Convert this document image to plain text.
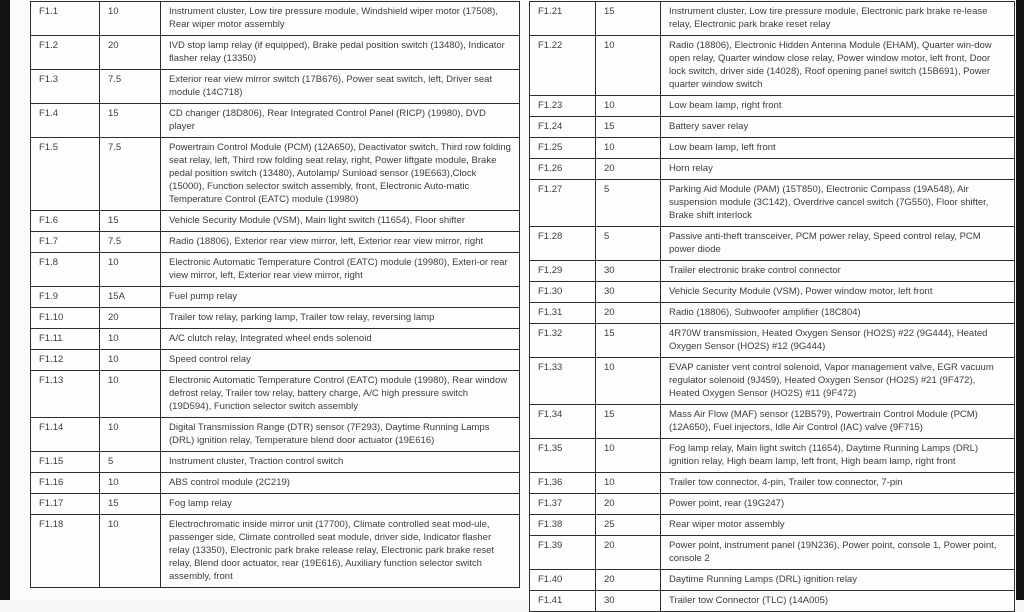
F1.1	10	Instrument cluster, Low tire pressure module, Windshield wiper motor (17508), Rear wiper motor assembly
F1.2	20	IVD stop lamp relay (if equipped), Brake pedal position switch (13480), Indicator flasher relay (13350)
F1.3	7.5	Exterior rear view mirror switch (17B676), Power seat switch, left, Driver seat module (14C718)
F1.4	15	CD changer (18D806), Rear Integrated Control Panel (RICP) (19980), DVD player
F1.5	7.5	Powertrain Control Module (PCM) (12A650), Deactivator switch, Third row folding seat relay, left, Third row folding seat relay, right, Power liftgate module, Brake pedal position switch (13480), Autolamp/ Sunload sensor (19E663),Clock (15000), Function selector switch assembly, front, Electronic Auto-matic Temperature Control (EATC) module (19980)
F1.6	15	Vehicle Security Module (VSM), Main light switch (11654), Floor shifter
F1.7	7.5	Radio (18806), Exterior rear view mirror, left, Exterior rear view mirror, right
F1.8	10	Electronic Automatic Temperature Control (EATC) module (19980), Exteri-or rear view mirror, left, Exterior rear view mirror, right
F1.9	15A	Fuel pump relay
F1.10	20	Trailer tow relay, parking lamp, Trailer tow relay, reversing lamp
F1.11	10	A/C clutch relay, Integrated wheel ends solenoid
F1.12	10	Speed control relay
F1.13	10	Electronic Automatic Temperature Control (EATC) module (19980), Rear window defrost relay, Trailer tow relay, battery charge, A/C high pressure switch (19D594), Function selector switch assembly
F1.14	10	Digital Transmission Range (DTR) sensor (7F293), Daytime Running Lamps (DRL) ignition relay, Temperature blend door actuator (19E616)
F1.15	5	Instrument cluster, Traction control switch
F1.16	10	ABS control module (2C219)
F1.17	15	Fog lamp relay
F1.18	10	Electrochromatic inside mirror unit (17700), Climate controlled seat mod-ule, passenger side, Climate controlled seat module, driver side, Indicator flasher relay (13350), Electronic park brake release relay, Electronic park brake reset relay, Blend door actuator, rear (19E616), Auxiliary function selector switch assembly, front
F1.21	15	Instrument cluster, Low tire pressure module, Electronic park brake re-lease relay, Electronic park brake reset relay
F1.22	10	Radio (18806), Electronic Hidden Antenna Module (EHAM), Quarter win-dow open relay, Quarter window close relay, Power window motor, left front, Door lock switch, driver side (14028), Roof opening panel switch (15B691), Power quarter window switch
F1.23	10	Low beam lamp, right front
F1.24	15	Battery saver relay
F1.25	10	Low beam lamp, left front
F1.26	20	Horn relay
F1.27	5	Parking Aid Module (PAM) (15T850), Electronic Compass (19A548), Air suspension module (3C142), Overdrive cancel switch (7G550), Floor shifter, Brake shift interlock
F1.28	5	Passive anti-theft transceiver, PCM power relay, Speed control relay, PCM power diode
F1.29	30	Trailer electronic brake control connector
F1.30	30	Vehicle Security Module (VSM), Power window motor, left front
F1.31	20	Radio (18806), Subwoofer amplifier (18C804)
F1.32	15	4R70W transmission, Heated Oxygen Sensor (HO2S) #22 (9G444), Heated Oxygen Sensor (HO2S) #12 (9G444)
F1.33	10	EVAP canister vent control solenoid, Vapor management valve, EGR vacuum regulator solenoid (9J459), Heated Oxygen Sensor (HO2S) #21 (9F472), Heated Oxygen Sensor (HO2S) #11 (9F472)
F1.34	15	Mass Air Flow (MAF) sensor (12B579), Powertrain Control Module (PCM) (12A650), Fuel injectors, Idle Air Control (IAC) valve (9F715)
F1.35	10	Fog lamp relay, Main light switch (11654), Daytime Running Lamps (DRL) ignition relay, High beam lamp, left front, High beam lamp, right front
F1.36	10	Trailer tow connector, 4-pin, Trailer tow connector, 7-pin
F1.37	20	Power point, rear (19G247)
F1.38	25	Rear wiper motor assembly
F1.39	20	Power point, instrument panel (19N236), Power point, console 1, Power point, console 2
F1.40	20	Daytime Running Lamps (DRL) ignition relay
F1.41	30	Trailer tow Connector (TLC) (14A005)
